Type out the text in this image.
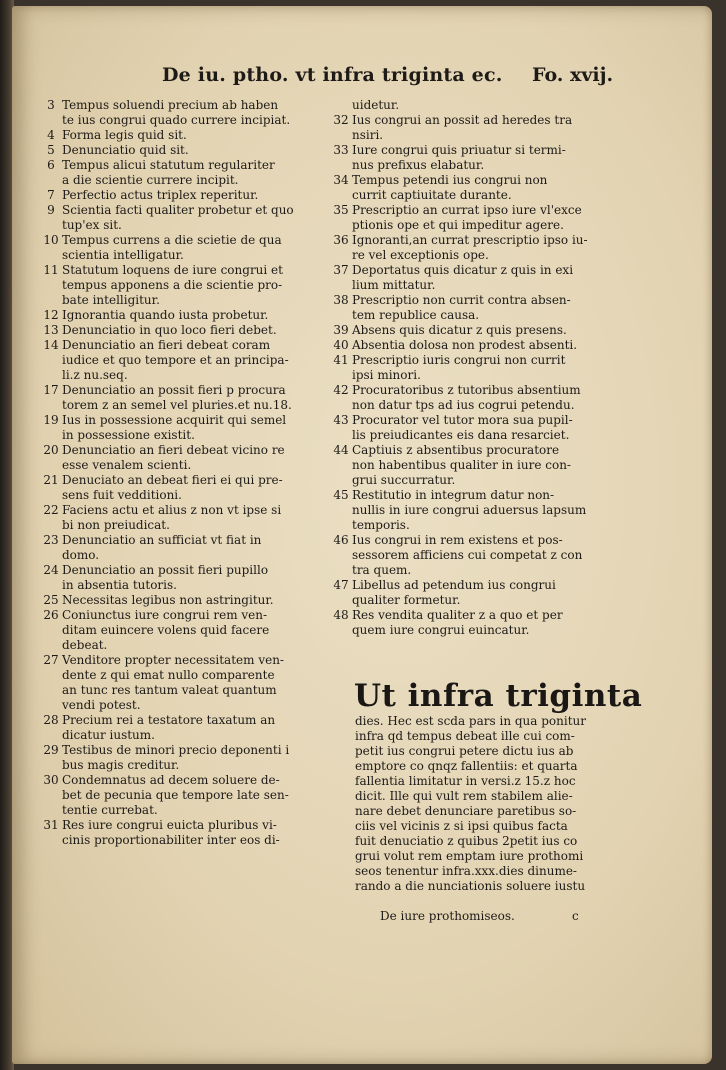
De iu. ptho. vt infra triginta ec. Fo. xvij.
3 Tempus soluendi precium ab haben
te ius congrui quado currere incipiat.
4 Forma legis quid sit.
5 Denunciatio quid sit.
6 Tempus alicui statutum regulariter
a die scientie currere incipit.
7 Perfectio actus triplex reperitur.
9 Scientia facti qualiter probetur et quo
tup'ex sit.
10 Tempus currens a die scietie de qua
scientia intelligatur.
11 Statutum loquens de iure congrui et
tempus apponens a die scientie pro-
bate intelligitur.
12 Ignorantia quando iusta probetur.
13 Denunciatio in quo loco fieri debet.
14 Denunciatio an fieri debeat coram
iudice et quo tempore et an principa-
li.z nu.seq.
17 Denunciatio an possit fieri p procura
torem z an semel vel pluries.et nu.18.
19 Ius in possessione acquirit qui semel
in possessione existit.
20 Denunciatio an fieri debeat vicino re
esse venalem scienti.
21 Denuciato an debeat fieri ei qui pre-
sens fuit vedditioni.
22 Faciens actu et alius z non vt ipse si
bi non preiudicat.
23 Denunciatio an sufficiat vt fiat in
domo.
24 Denunciatio an possit fieri pupillo
in absentia tutoris.
25 Necessitas legibus non astringitur.
26 Coniunctus iure congrui rem ven-
ditam euincere volens quid facere
debeat.
27 Venditore propter necessitatem ven-
dente z qui emat nullo comparente
an tunc res tantum valeat quantum
vendi potest.
28 Precium rei a testatore taxatum an
dicatur iustum.
29 Testibus de minori precio deponenti i
bus magis creditur.
30 Condemnatus ad decem soluere de-
bet de pecunia que tempore late sen-
tentie currebat.
31 Res iure congrui euicta pluribus vi-
cinis proportionabiliter inter eos di-
uidetur.
32 Ius congrui an possit ad heredes tra
nsiri.
33 Iure congrui quis priuatur si termi-
nus prefixus elabatur.
34 Tempus petendi ius congrui non
currit captiuitate durante.
35 Prescriptio an currat ipso iure vl'exce
ptionis ope et qui impeditur agere.
36 Ignoranti,an currat prescriptio ipso iu-
re vel exceptionis ope.
37 Deportatus quis dicatur z quis in exi
lium mittatur.
38 Prescriptio non currit contra absen-
tem republice causa.
39 Absens quis dicatur z quis presens.
40 Absentia dolosa non prodest absenti.
41 Prescriptio iuris congrui non currit
ipsi minori.
42 Procuratoribus z tutoribus absentium
non datur tps ad ius cogrui petendu.
43 Procurator vel tutor mora sua pupil-
lis preiudicantes eis dana resarciet.
44 Captiuis z absentibus procuratore
non habentibus qualiter in iure con-
grui succurratur.
45 Restitutio in integrum datur non-
nullis in iure congrui aduersus lapsum
temporis.
46 Ius congrui in rem existens et pos-
sessorem afficiens cui competat z con
tra quem.
47 Libellus ad petendum ius congrui
qualiter formetur.
48 Res vendita qualiter z a quo et per
quem iure congrui euincatur.
Ut infra triginta
dies. Hec est scda pars in qua ponitur
infra qd tempus debeat ille cui com-
petit ius congrui petere dictu ius ab
emptore co qnqz fallentiis: et quarta
fallentia limitatur in versi.z 15.z hoc
dicit. Ille qui vult rem stabilem alie-
nare debet denunciare paretibus so-
ciis vel vicinis z si ipsi quibus facta
fuit denuciatio z quibus 2petit ius co
grui volut rem emptam iure prothomi
seos tenentur infra.xxx.dies dinume-
rando a die nunciationis soluere iustu
De iure prothomiseos.	c
